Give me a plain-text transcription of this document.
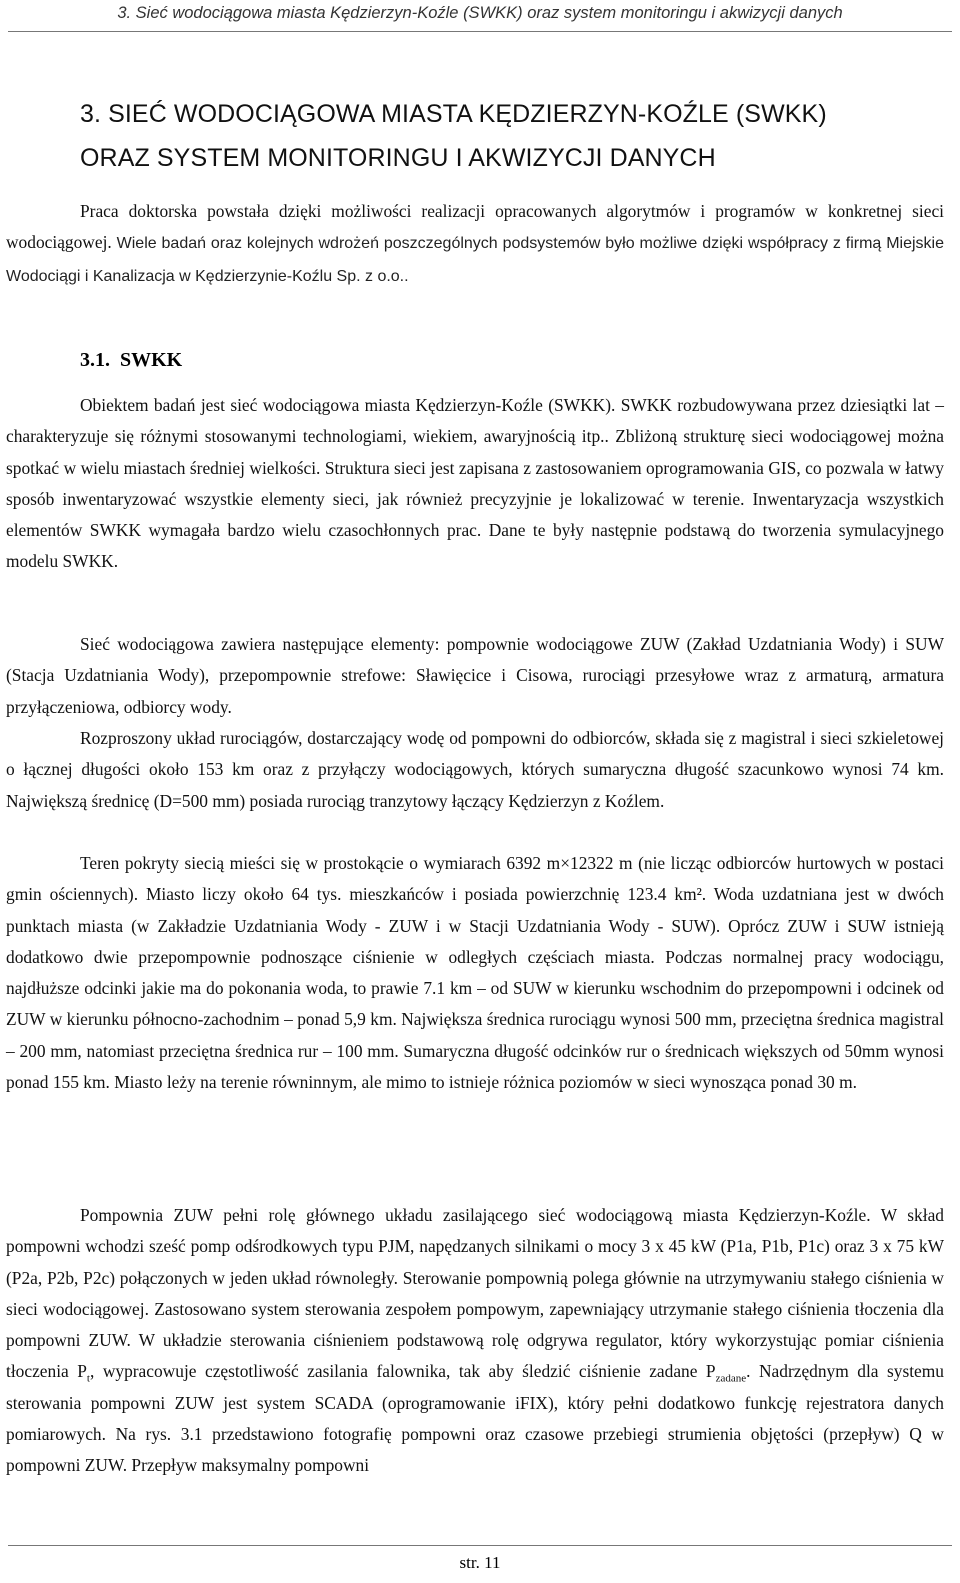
3. Sieć wodociągowa miasta Kędzierzyn-Koźle (SWKK) oraz system monitoringu i akwizycji danych
3. SIEĆ WODOCIĄGOWA MIASTA KĘDZIERZYN-KOŹLE (SWKK)
ORAZ SYSTEM MONITORINGU I AKWIZYCJI DANYCH

Praca doktorska powstała dzięki możliwości realizacji opracowanych algorytmów i programów w konkretnej sieci wodociągowej. Wiele badań oraz kolejnych wdrożeń poszczególnych podsystemów było możliwe dzięki współpracy z firmą Miejskie Wodociągi i Kanalizacja w Kędzierzynie-Koźlu Sp. z o.o..

3.1. SWKK

Obiektem badań jest sieć wodociągowa miasta Kędzierzyn-Koźle (SWKK). SWKK rozbudowywana przez dziesiątki lat – charakteryzuje się różnymi stosowanymi technologiami, wiekiem, awaryjnością itp.. Zbliżoną strukturę sieci wodociągowej można spotkać w wielu miastach średniej wielkości. Struktura sieci jest zapisana z zastosowaniem oprogramowania GIS, co pozwala w łatwy sposób inwentaryzować wszystkie elementy sieci, jak również precyzyjnie je lokalizować w terenie. Inwentaryzacja wszystkich elementów SWKK wymagała bardzo wielu czasochłonnych prac. Dane te były następnie podstawą do tworzenia symulacyjnego modelu SWKK.

Sieć wodociągowa zawiera następujące elementy: pompownie wodociągowe ZUW (Zakład Uzdatniania Wody) i SUW (Stacja Uzdatniania Wody), przepompownie strefowe: Sławięcice i Cisowa, rurociągi przesyłowe wraz z armaturą, armatura przyłączeniowa, odbiorcy wody.

Rozproszony układ rurociągów, dostarczający wodę od pompowni do odbiorców, składa się z magistral i sieci szkieletowej o łącznej długości około 153 km oraz z przyłączy wodociągowych, których sumaryczna długość szacunkowo wynosi 74 km. Największą średnicę (D=500 mm) posiada rurociąg tranzytowy łączący Kędzierzyn z Koźlem.

Teren pokryty siecią mieści się w prostokącie o wymiarach 6392 m×12322 m (nie licząc odbiorców hurtowych w postaci gmin ościennych). Miasto liczy około 64 tys. mieszkańców i posiada powierzchnię 123.4 km². Woda uzdatniana jest w dwóch punktach miasta (w Zakładzie Uzdatniania Wody - ZUW i w Stacji Uzdatniania Wody - SUW). Oprócz ZUW i SUW istnieją dodatkowo dwie przepompownie podnoszące ciśnienie w odległych częściach miasta. Podczas normalnej pracy wodociągu, najdłuższe odcinki jakie ma do pokonania woda, to prawie 7.1 km – od SUW w kierunku wschodnim do przepompowni i odcinek od ZUW w kierunku północno-zachodnim – ponad 5,9 km. Największa średnica rurociągu wynosi 500 mm, przeciętna średnica magistral – 200 mm, natomiast przeciętna średnica rur – 100 mm. Sumaryczna długość odcinków rur o średnicach większych od 50mm wynosi ponad 155 km. Miasto leży na terenie równinnym, ale mimo to istnieje różnica poziomów w sieci wynosząca ponad 30 m.

Pompownia ZUW pełni rolę głównego układu zasilającego sieć wodociągową miasta Kędzierzyn-Koźle. W skład pompowni wchodzi sześć pomp odśrodkowych typu PJM, napędzanych silnikami o mocy 3 x 45 kW (P1a, P1b, P1c) oraz 3 x 75 kW (P2a, P2b, P2c) połączonych w jeden układ równoległy. Sterowanie pompownią polega głównie na utrzymywaniu stałego ciśnienia w sieci wodociągowej. Zastosowano system sterowania zespołem pompowym, zapewniający utrzymanie stałego ciśnienia tłoczenia dla pompowni ZUW. W układzie sterowania ciśnieniem podstawową rolę odgrywa regulator, który wykorzystując pomiar ciśnienia tłoczenia $P_t$, wypracowuje częstotliwość zasilania falownika, tak aby śledzić ciśnienie zadane $P_{zadane}$. Nadrzędnym dla systemu sterowania pompowni ZUW jest system SCADA (oprogramowanie iFIX), który pełni dodatkowo funkcję rejestratora danych pomiarowych. Na rys. 3.1 przedstawiono fotografię pompowni oraz czasowe przebiegi strumienia objętości (przepływ) Q w pompowni ZUW. Przepływ maksymalny pompowni

str. 11
